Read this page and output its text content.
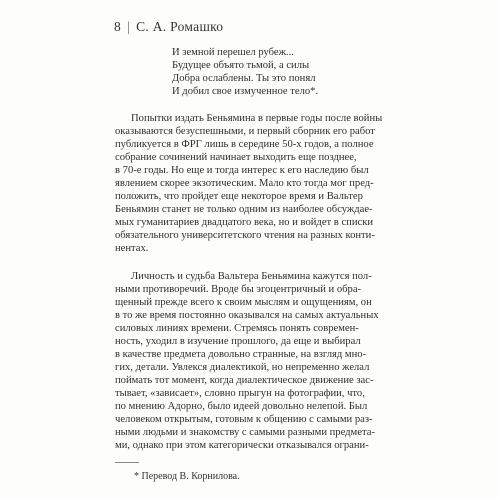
8 | С. А. Ромашко
И земной перешел рубеж...
Будущее объято тьмой, а силы
Добра ослаблены. Ты это понял
И добил свое измученное тело*.
Попытки издать Беньямина в первые годы после войны
оказываются безуспешными, и первый сборник его работ
публикуется в ФРГ лишь в середине 50-х годов, а полное
собрание сочинений начинает выходить еще позднее,
в 70-е годы. Но еще и тогда интерес к его наследию был
явлением скорее экзотическим. Мало кто тогда мог пред-
положить, что пройдет еще некоторое время и Вальтер
Беньямин станет не только одним из наиболее обсуждае-
мых гуманитариев двадцатого века, но и войдет в списки
обязательного университетского чтения на разных конти-
нентах.
Личность и судьба Вальтера Беньямина кажутся пол-
ными противоречий. Вроде бы эгоцентричный и обра-
щенный прежде всего к своим мыслям и ощущениям, он
в то же время постоянно оказывался на самых актуальных
силовых линиях времени. Стремясь понять современ-
ность, уходил в изучение прошлого, да еще и выбирал
в качестве предмета довольно странные, на взгляд мно-
гих, детали. Увлекся диалектикой, но непременно желал
поймать тот момент, когда диалектическое движение зас-
тывает, «зависает», словно прыгун на фотографии, что,
по мнению Адорно, было идеей довольно нелепой. Был
человеком открытым, готовым к общению с самыми раз-
ными людьми и знакомству с самыми разными предмета-
ми, однако при этом категорически отказывался ограни-
* Перевод В. Корнилова.
